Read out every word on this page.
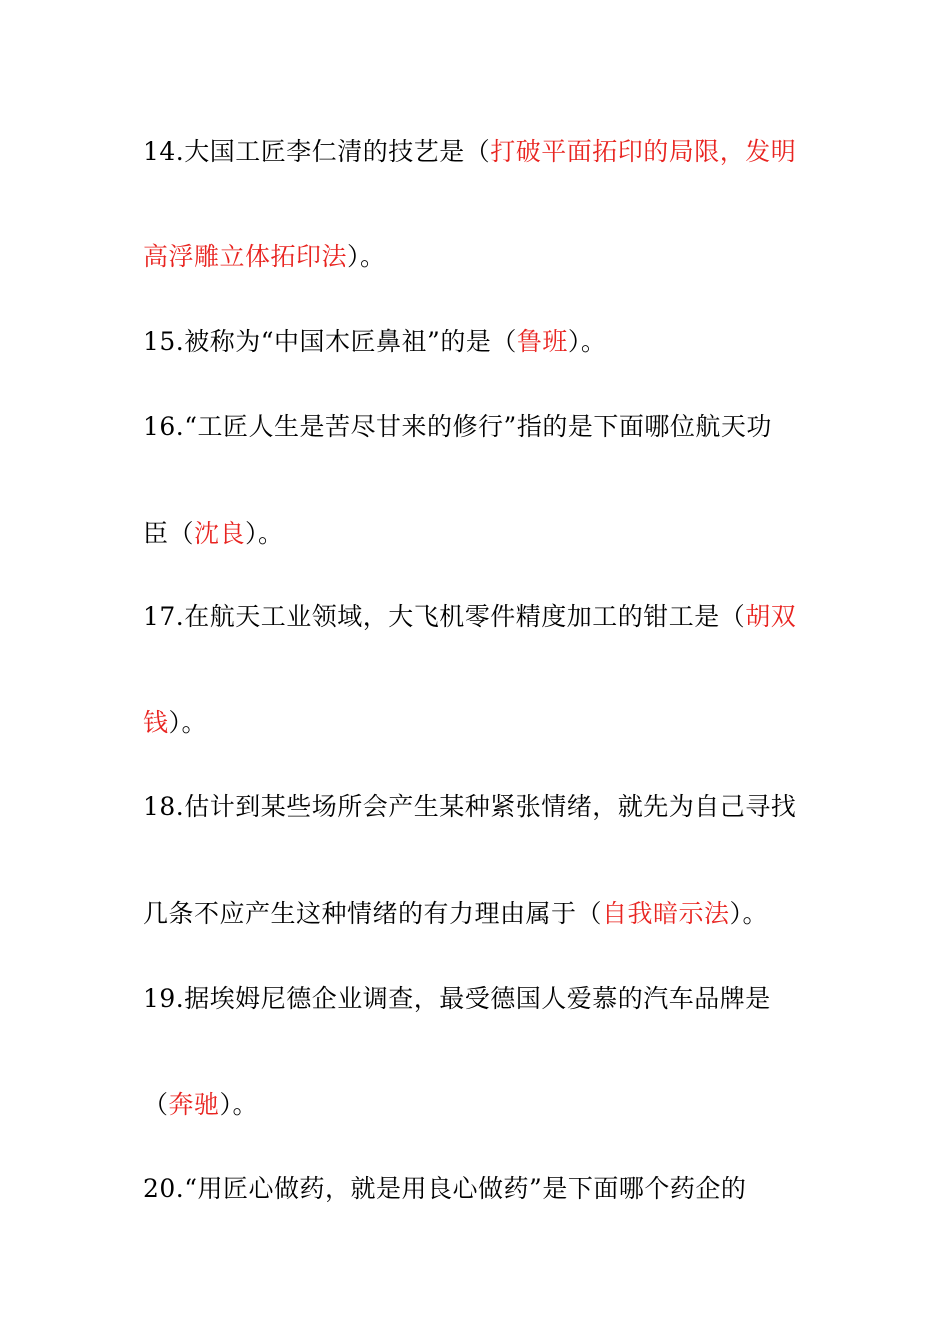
14.大国工匠李仁清的技艺是（打破平面拓印的局限，发明
高浮雕立体拓印法）。
15.被称为“中国木匠鼻祖”的是（鲁班）。
16.“工匠人生是苦尽甘来的修行”指的是下面哪位航天功
臣（沈良）。
17.在航天工业领域，大飞机零件精度加工的钳工是（胡双
钱）。
18.估计到某些场所会产生某种紧张情绪，就先为自己寻找
几条不应产生这种情绪的有力理由属于（自我暗示法）。
19.据埃姆尼德企业调查，最受德国人爱慕的汽车品牌是
（奔驰）。
20.“用匠心做药，就是用良心做药”是下面哪个药企的
